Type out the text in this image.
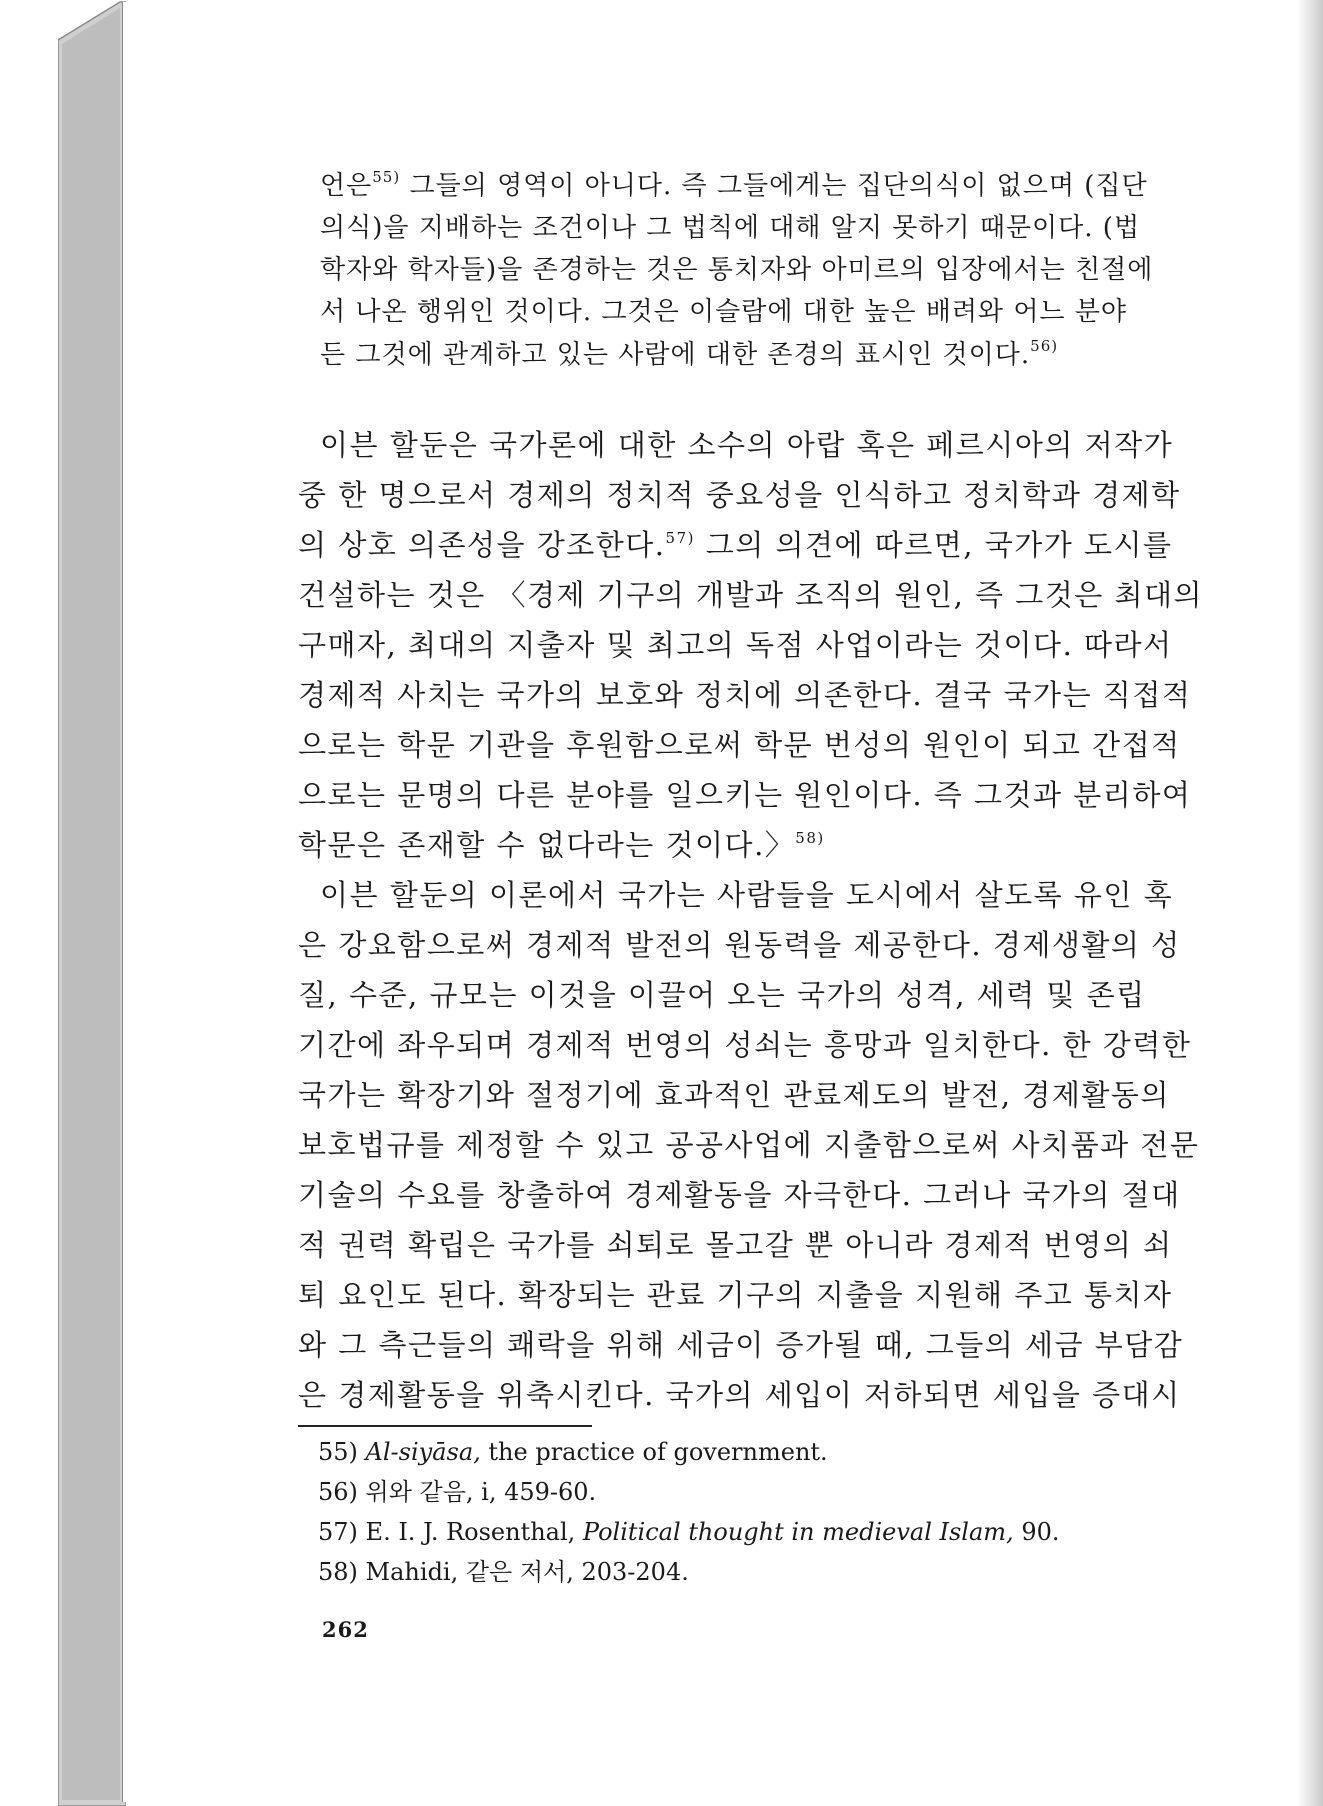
언은$^{55)}$ 그들의 영역이 아니다. 즉 그들에게는 집단의식이 없으며 (집단
의식)을 지배하는 조건이나 그 법칙에 대해 알지 못하기 때문이다. (법
학자와 학자들)을 존경하는 것은 통치자와 아미르의 입장에서는 친절에
서 나온 행위인 것이다. 그것은 이슬람에 대한 높은 배려와 어느 분야
든 그것에 관계하고 있는 사람에 대한 존경의 표시인 것이다.$^{56)}$
이븐 할둔은 국가론에 대한 소수의 아랍 혹은 페르시아의 저작가
중 한 명으로서 경제의 정치적 중요성을 인식하고 정치학과 경제학
의 상호 의존성을 강조한다.$^{57)}$ 그의 의견에 따르면, 국가가 도시를
건설하는 것은 〈경제 기구의 개발과 조직의 원인, 즉 그것은 최대의
구매자, 최대의 지출자 및 최고의 독점 사업이라는 것이다. 따라서
경제적 사치는 국가의 보호와 정치에 의존한다. 결국 국가는 직접적
으로는 학문 기관을 후원함으로써 학문 번성의 원인이 되고 간접적
으로는 문명의 다른 분야를 일으키는 원인이다. 즉 그것과 분리하여
학문은 존재할 수 없다라는 것이다.〉$^{58)}$
이븐 할둔의 이론에서 국가는 사람들을 도시에서 살도록 유인 혹
은 강요함으로써 경제적 발전의 원동력을 제공한다. 경제생활의 성
질, 수준, 규모는 이것을 이끌어 오는 국가의 성격, 세력 및 존립
기간에 좌우되며 경제적 번영의 성쇠는 흥망과 일치한다. 한 강력한
국가는 확장기와 절정기에 효과적인 관료제도의 발전, 경제활동의
보호법규를 제정할 수 있고 공공사업에 지출함으로써 사치품과 전문
기술의 수요를 창출하여 경제활동을 자극한다. 그러나 국가의 절대
적 권력 확립은 국가를 쇠퇴로 몰고갈 뿐 아니라 경제적 번영의 쇠
퇴 요인도 된다. 확장되는 관료 기구의 지출을 지원해 주고 통치자
와 그 측근들의 쾌락을 위해 세금이 증가될 때, 그들의 세금 부담감
은 경제활동을 위축시킨다. 국가의 세입이 저하되면 세입을 증대시
55) Al-siyāsa, the practice of government.
56) 위와 같음, i, 459-60.
57) E. I. J. Rosenthal, Political thought in medieval Islam, 90.
58) Mahidi, 같은 저서, 203-204.
262
